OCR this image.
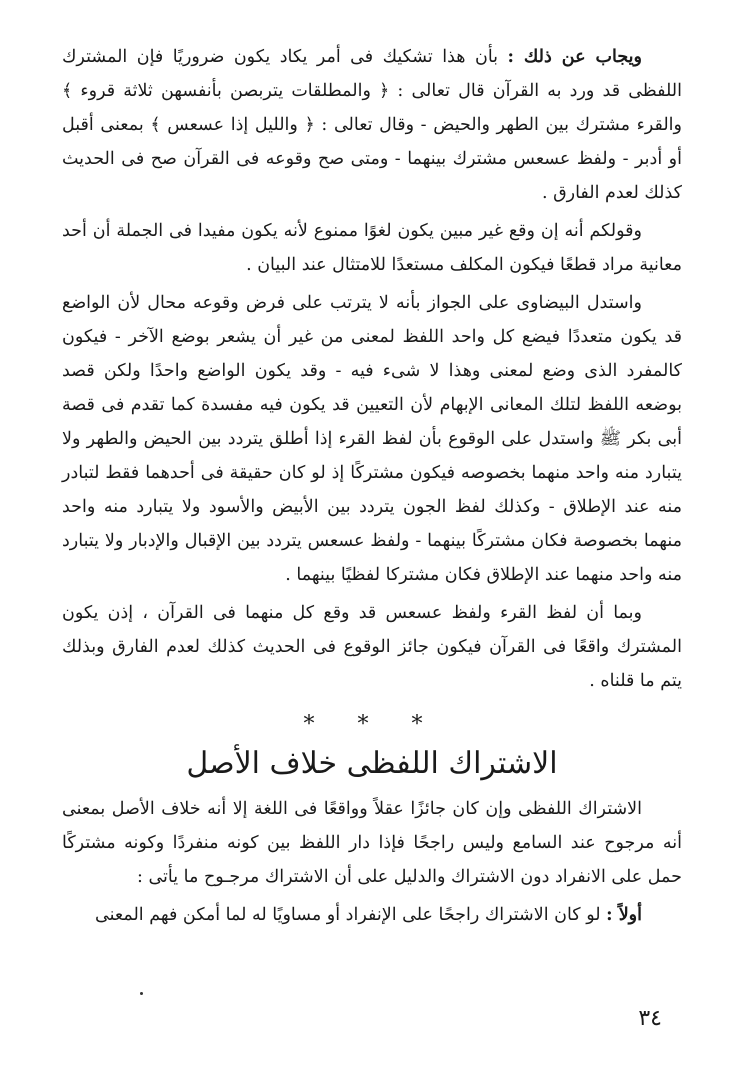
ويجاب عن ذلك : بأن هذا تشكيك فى أمر يكاد يكون ضروريًا فإن المشترك اللفظى قد ورد به القرآن قال تعالى : ﴿ والمطلقات يتربصن بأنفسهن ثلاثة قروء ﴾ والقرء مشترك بين الطهر والحيض - وقال تعالى : ﴿ والليل إذا عسعس ﴾ بمعنى أقبل أو أدبر - ولفظ عسعس مشترك بينهما - ومتى صح وقوعه فى القرآن صح فى الحديث كذلك لعدم الفارق .

وقولكم أنه إن وقع غير مبين يكون لغوًا ممنوع لأنه يكون مفيدا فى الجملة أن أحد معانية مراد قطعًا فيكون المكلف مستعدًا للامتثال عند البيان .

واستدل البيضاوى على الجواز بأنه لا يترتب على فرض وقوعه محال لأن الواضع قد يكون متعددًا فيضع كل واحد اللفظ لمعنى من غير أن يشعر بوضع الآخر - فيكون كالمفرد الذى وضع لمعنى وهذا لا شىء فيه - وقد يكون الواضع واحدًا ولكن قصد بوضعه اللفظ لتلك المعانى الإبهام لأن التعيين قد يكون فيه مفسدة كما تقدم فى قصة أبى بكر ﷺ واستدل على الوقوع بأن لفظ القرء إذا أطلق يتردد بين الحيض والطهر ولا يتبارد منه واحد منهما بخصوصه فيكون مشتركًا إذ لو كان حقيقة فى أحدهما فقط لتبادر منه عند الإطلاق - وكذلك لفظ الجون يتردد بين الأبيض والأسود ولا يتبارد منه واحد منهما بخصوصة فكان مشتركًا بينهما - ولفظ عسعس يتردد بين الإقبال والإدبار ولا يتبارد منه واحد منهما عند الإطلاق فكان مشتركا لفظيًا بينهما .

وبما أن لفظ القرء ولفظ عسعس قد وقع كل منهما فى القرآن ، إذن يكون المشترك واقعًا فى القرآن فيكون جائز الوقوع فى الحديث كذلك لعدم الفارق وبذلك يتم ما قلناه .

* * *
الاشتراك اللفظى خلاف الأصل

الاشتراك اللفظى وإن كان جائزًا عقلاً وواقعًا فى اللغة إلا أنه خلاف الأصل بمعنى أنه مرجوح عند السامع وليس راجحًا فإذا دار اللفظ بين كونه منفردًا وكونه مشتركًا حمل على الانفراد دون الاشتراك والدليل على أن الاشتراك مرجـوح ما يأتى :

أولاً : لو كان الاشتراك راجحًا على الإنفراد أو مساويًا له لما أمكن فهم المعنى

٣٤
